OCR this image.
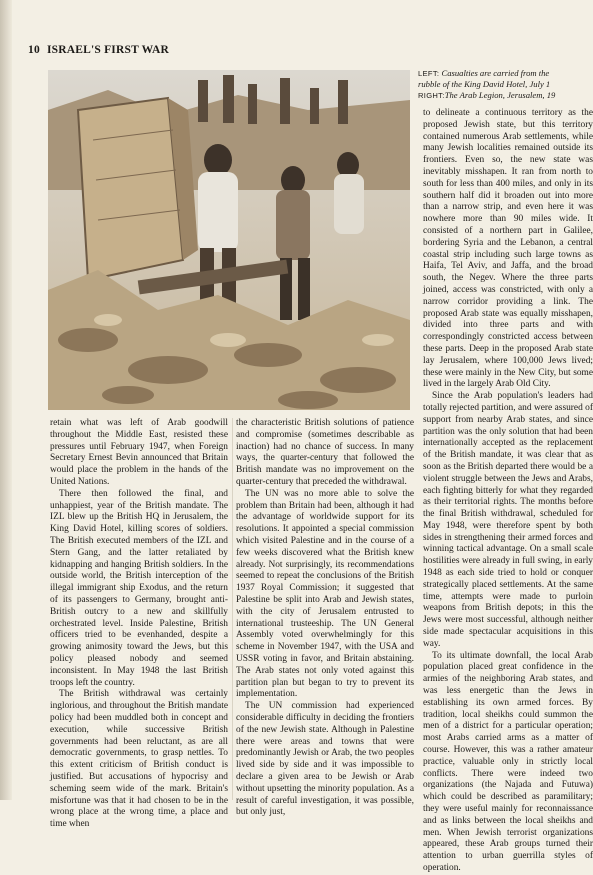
10 ISRAEL'S FIRST WAR
LEFT: Casualties are carried from the
rubble of the King David Hotel, July 1
RIGHT:The Arab Legion, Jerusalem, 19

retain what was left of Arab goodwill throughout the Middle East, resisted these pressures until February 1947, when Foreign Secretary Ernest Bevin announced that Britain would place the problem in the hands of the United Nations.

There then followed the final, and unhappiest, year of the British mandate. The IZL blew up the British HQ in Jerusalem, the King David Hotel, killing scores of soldiers. The British executed members of the IZL and Stern Gang, and the latter retaliated by kidnapping and hanging British soldiers. In the outside world, the British interception of the illegal immigrant ship Exodus, and the return of its passengers to Germany, brought anti-British outcry to a new and skillfully orchestrated level. Inside Palestine, British officers tried to be evenhanded, despite a growing animosity toward the Jews, but this policy pleased nobody and seemed inconsistent. In May 1948 the last British troops left the country.

The British withdrawal was certainly inglorious, and throughout the British mandate policy had been muddled both in concept and execution, while successive British governments had been reluctant, as are all democratic governments, to grasp nettles. To this extent criticism of British conduct is justified. But accusations of hypocrisy and scheming seem wide of the mark. Britain's misfortune was that it had chosen to be in the wrong place at the wrong time, a place and time when

the characteristic British solutions of patience and compromise (sometimes describable as inaction) had no chance of success. In many ways, the quarter-century that followed the British mandate was no improvement on the quarter-century that preceded the withdrawal.

The UN was no more able to solve the problem than Britain had been, although it had the advantage of worldwide support for its resolutions. It appointed a special commission which visited Palestine and in the course of a few weeks discovered what the British knew already. Not surprisingly, its recommendations seemed to repeat the conclusions of the British 1937 Royal Commission; it suggested that Palestine be split into Arab and Jewish states, with the city of Jerusalem entrusted to international trusteeship. The UN General Assembly voted overwhelmingly for this scheme in November 1947, with the USA and USSR voting in favor, and Britain abstaining. The Arab states not only voted against this partition plan but began to try to prevent its implementation.

The UN commission had experienced considerable difficulty in deciding the frontiers of the new Jewish state. Although in Palestine there were areas and towns that were predominantly Jewish or Arab, the two peoples lived side by side and it was impossible to declare a given area to be Jewish or Arab without upsetting the minority population. As a result of careful investigation, it was possible, but only just,

to delineate a continuous territory as the proposed Jewish state, but this territory contained numerous Arab settlements, while many Jewish localities remained outside its frontiers. Even so, the new state was inevitably misshapen. It ran from north to south for less than 400 miles, and only in its southern half did it broaden out into more than a narrow strip, and even here it was nowhere more than 90 miles wide. It consisted of a northern part in Galilee, bordering Syria and the Lebanon, a central coastal strip including such large towns as Haifa, Tel Aviv, and Jaffa, and the broad south, the Negev. Where the three parts joined, access was constricted, with only a narrow corridor providing a link. The proposed Arab state was equally misshapen, divided into three parts and with correspondingly constricted access between these parts. Deep in the proposed Arab state lay Jerusalem, where 100,000 Jews lived; these were mainly in the New City, but some lived in the largely Arab Old City.

Since the Arab population's leaders had totally rejected partition, and were assured of support from nearby Arab states, and since partition was the only solution that had been internationally accepted as the replacement of the British mandate, it was clear that as soon as the British departed there would be a violent struggle between the Jews and Arabs, each fighting bitterly for what they regarded as their territorial rights. The months before the final British withdrawal, scheduled for May 1948, were therefore spent by both sides in strengthening their armed forces and winning tactical advantage. On a small scale hostilities were already in full swing, in early 1948 as each side tried to hold or conquer strategically placed settlements. At the same time, attempts were made to purloin weapons from British depots; in this the Jews were most successful, although neither side made spectacular acquisitions in this way.

To its ultimate downfall, the local Arab population placed great confidence in the armies of the neighboring Arab states, and was less energetic than the Jews in establishing its own armed forces. By tradition, local sheikhs could summon the men of a district for a particular operation; most Arabs carried arms as a matter of course. However, this was a rather amateur practice, valuable only in strictly local conflicts. There were indeed two organizations (the Najada and Futuwa) which could be described as paramilitary; they were useful mainly for reconnaissance and as links between the local sheikhs and men. When Jewish terrorist organizations appeared, these Arab groups turned their attention to urban guerrilla styles of operation.
